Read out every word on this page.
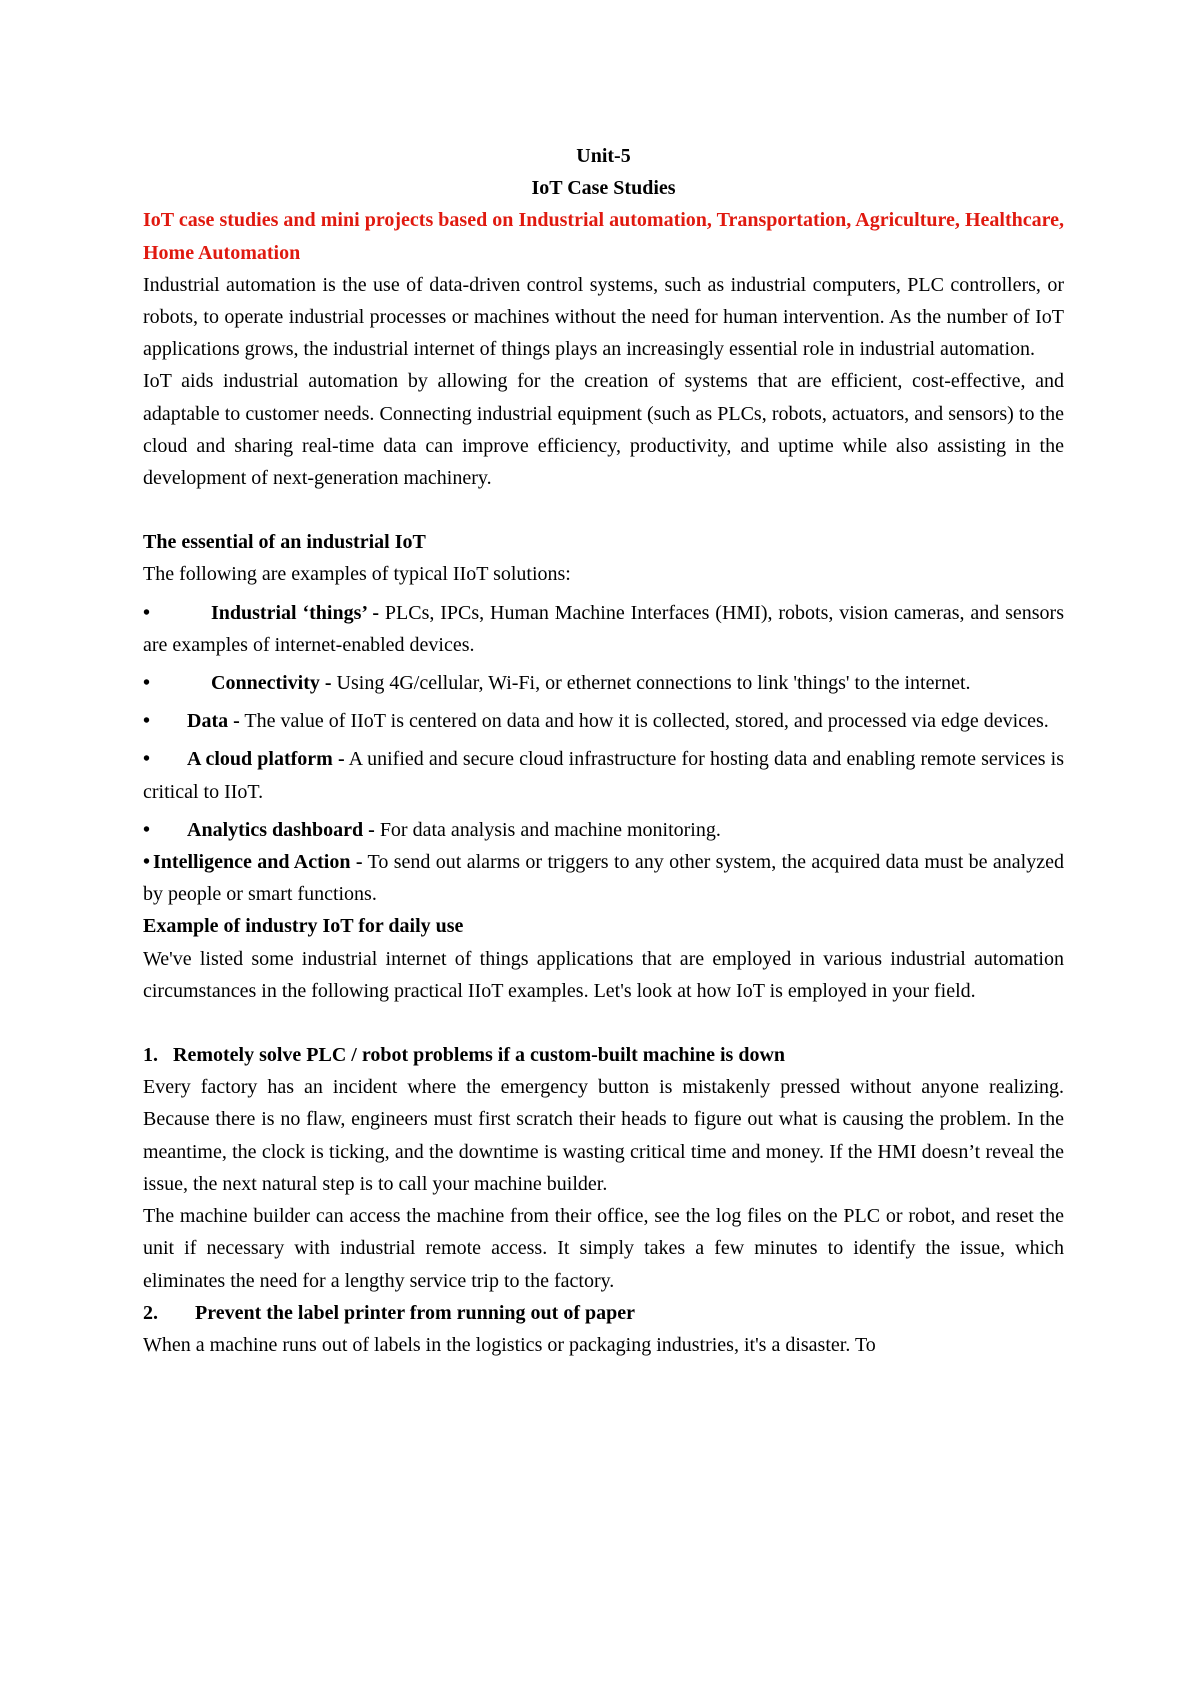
Unit-5
IoT Case Studies
IoT case studies and mini projects based on Industrial automation, Transportation, Agriculture, Healthcare, Home Automation

Industrial automation is the use of data-driven control systems, such as industrial computers, PLC controllers, or robots, to operate industrial processes or machines without the need for human intervention. As the number of IoT applications grows, the industrial internet of things plays an increasingly essential role in industrial automation.

IoT aids industrial automation by allowing for the creation of systems that are efficient, cost-effective, and adaptable to customer needs. Connecting industrial equipment (such as PLCs, robots, actuators, and sensors) to the cloud and sharing real-time data can improve efficiency, productivity, and uptime while also assisting in the development of next-generation machinery.

The essential of an industrial IoT

The following are examples of typical IIoT solutions:

•	Industrial ‘things’ - PLCs, IPCs, Human Machine Interfaces (HMI), robots, vision cameras, and sensors are examples of internet-enabled devices.

•	Connectivity - Using 4G/cellular, Wi-Fi, or ethernet connections to link 'things' to the internet.

• Data - The value of IIoT is centered on data and how it is collected, stored, and processed via edge devices.

• A cloud platform - A unified and secure cloud infrastructure for hosting data and enabling remote services is critical to IIoT.

• Analytics dashboard - For data analysis and machine monitoring.

• Intelligence and Action - To send out alarms or triggers to any other system, the acquired data must be analyzed by people or smart functions.

Example of industry IoT for daily use

We've listed some industrial internet of things applications that are employed in various industrial automation circumstances in the following practical IIoT examples. Let's look at how IoT is employed in your field.

1. Remotely solve PLC / robot problems if a custom-built machine is down

Every factory has an incident where the emergency button is mistakenly pressed without anyone realizing. Because there is no flaw, engineers must first scratch their heads to figure out what is causing the problem. In the meantime, the clock is ticking, and the downtime is wasting critical time and money. If the HMI doesn’t reveal the issue, the next natural step is to call your machine builder.

The machine builder can access the machine from their office, see the log files on the PLC or robot, and reset the unit if necessary with industrial remote access. It simply takes a few minutes to identify the issue, which eliminates the need for a lengthy service trip to the factory.

2. Prevent the label printer from running out of paper

When a machine runs out of labels in the logistics or packaging industries, it's a disaster. To
